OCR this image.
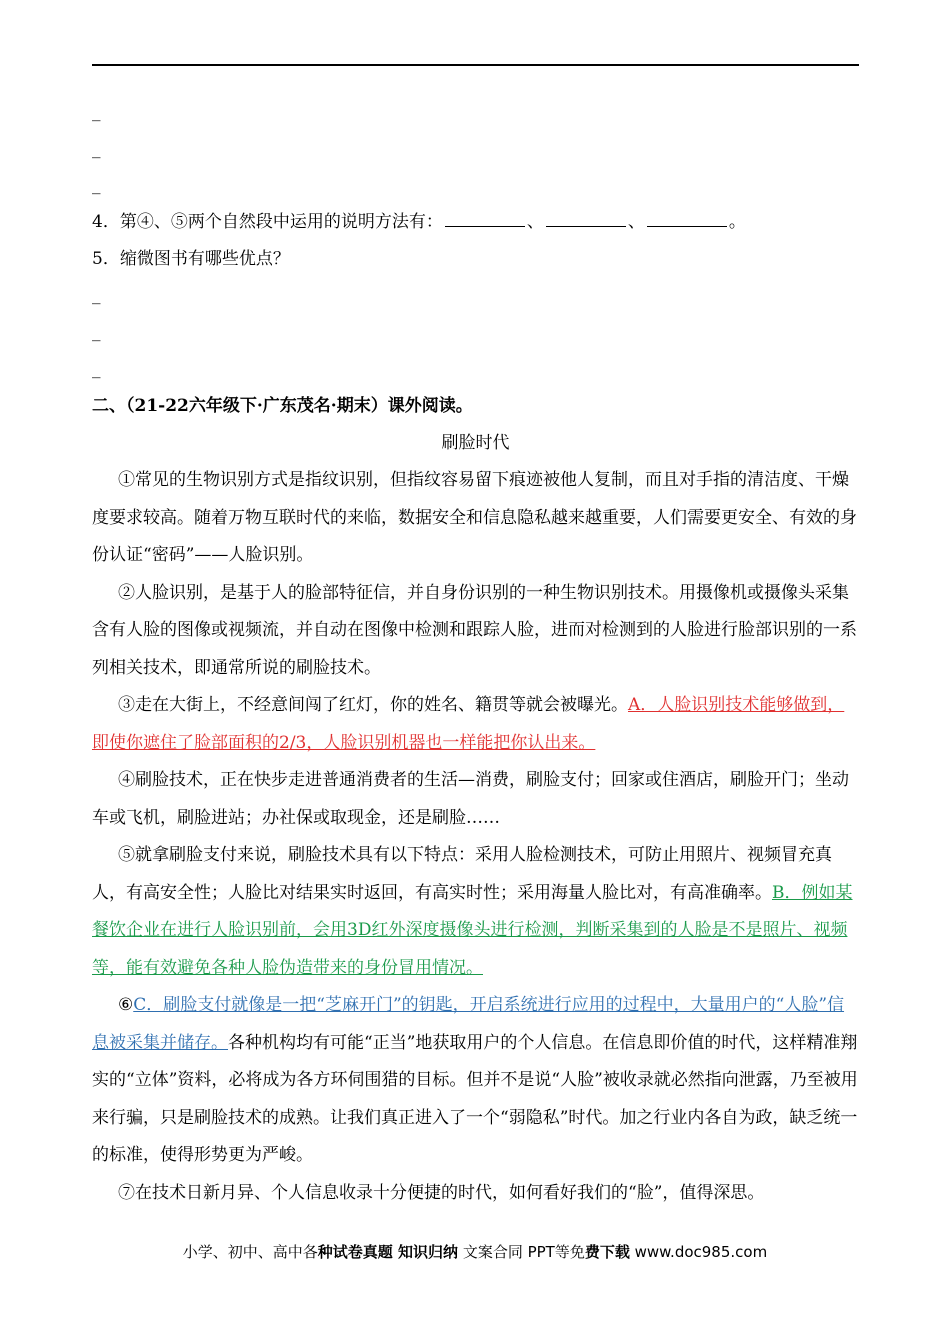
_
_
_
4．第④、⑤两个自然段中运用的说明方法有：	、	、	。
5．缩微图书有哪些优点？
_
_
_
二、（21-22六年级下·广东茂名·期末）课外阅读。
刷脸时代

①常见的生物识别方式是指纹识别，但指纹容易留下痕迹被他人复制，而且对手指的清洁度、干燥度要求较高。随着万物互联时代的来临，数据安全和信息隐私越来越重要，人们需要更安全、有效的身份认证“密码”——人脸识别。

②人脸识别，是基于人的脸部特征信，并自身份识别的一种生物识别技术。用摄像机或摄像头采集含有人脸的图像或视频流，并自动在图像中检测和跟踪人脸，进而对检测到的人脸进行脸部识别的一系列相关技术，即通常所说的刷脸技术。

③走在大街上，不经意间闯了红灯，你的姓名、籍贯等就会被曝光。A．人脸识别技术能够做到，即使你遮住了脸部面积的2/3，人脸识别机器也一样能把你认出来。

④刷脸技术，正在快步走进普通消费者的生活—消费，刷脸支付；回家或住酒店，刷脸开门；坐动车或飞机，刷脸进站；办社保或取现金，还是刷脸……

⑤就拿刷脸支付来说，刷脸技术具有以下特点：采用人脸检测技术，可防止用照片、视频冒充真人，有高安全性；人脸比对结果实时返回，有高实时性；采用海量人脸比对，有高准确率。B．例如某餐饮企业在进行人脸识别前，会用3D红外深度摄像头进行检测，判断采集到的人脸是不是照片、视频等，能有效避免各种人脸伪造带来的身份冒用情况。

⑥C．刷脸支付就像是一把“芝麻开门”的钥匙，开启系统进行应用的过程中，大量用户的“人脸”信息被采集并储存。各种机构均有可能“正当”地获取用户的个人信息。在信息即价值的时代，这样精准翔实的“立体”资料，必将成为各方环伺围猎的目标。但并不是说“人脸”被收录就必然指向泄露，乃至被用来行骗，只是刷脸技术的成熟。让我们真正进入了一个“弱隐私”时代。加之行业内各自为政，缺乏统一的标准，使得形势更为严峻。

⑦在技术日新月异、个人信息收录十分便捷的时代，如何看好我们的“脸”，值得深思。

小学、初中、高中各种试卷真题 知识归纳 文案合同 PPT等免费下载 www.doc985.com
